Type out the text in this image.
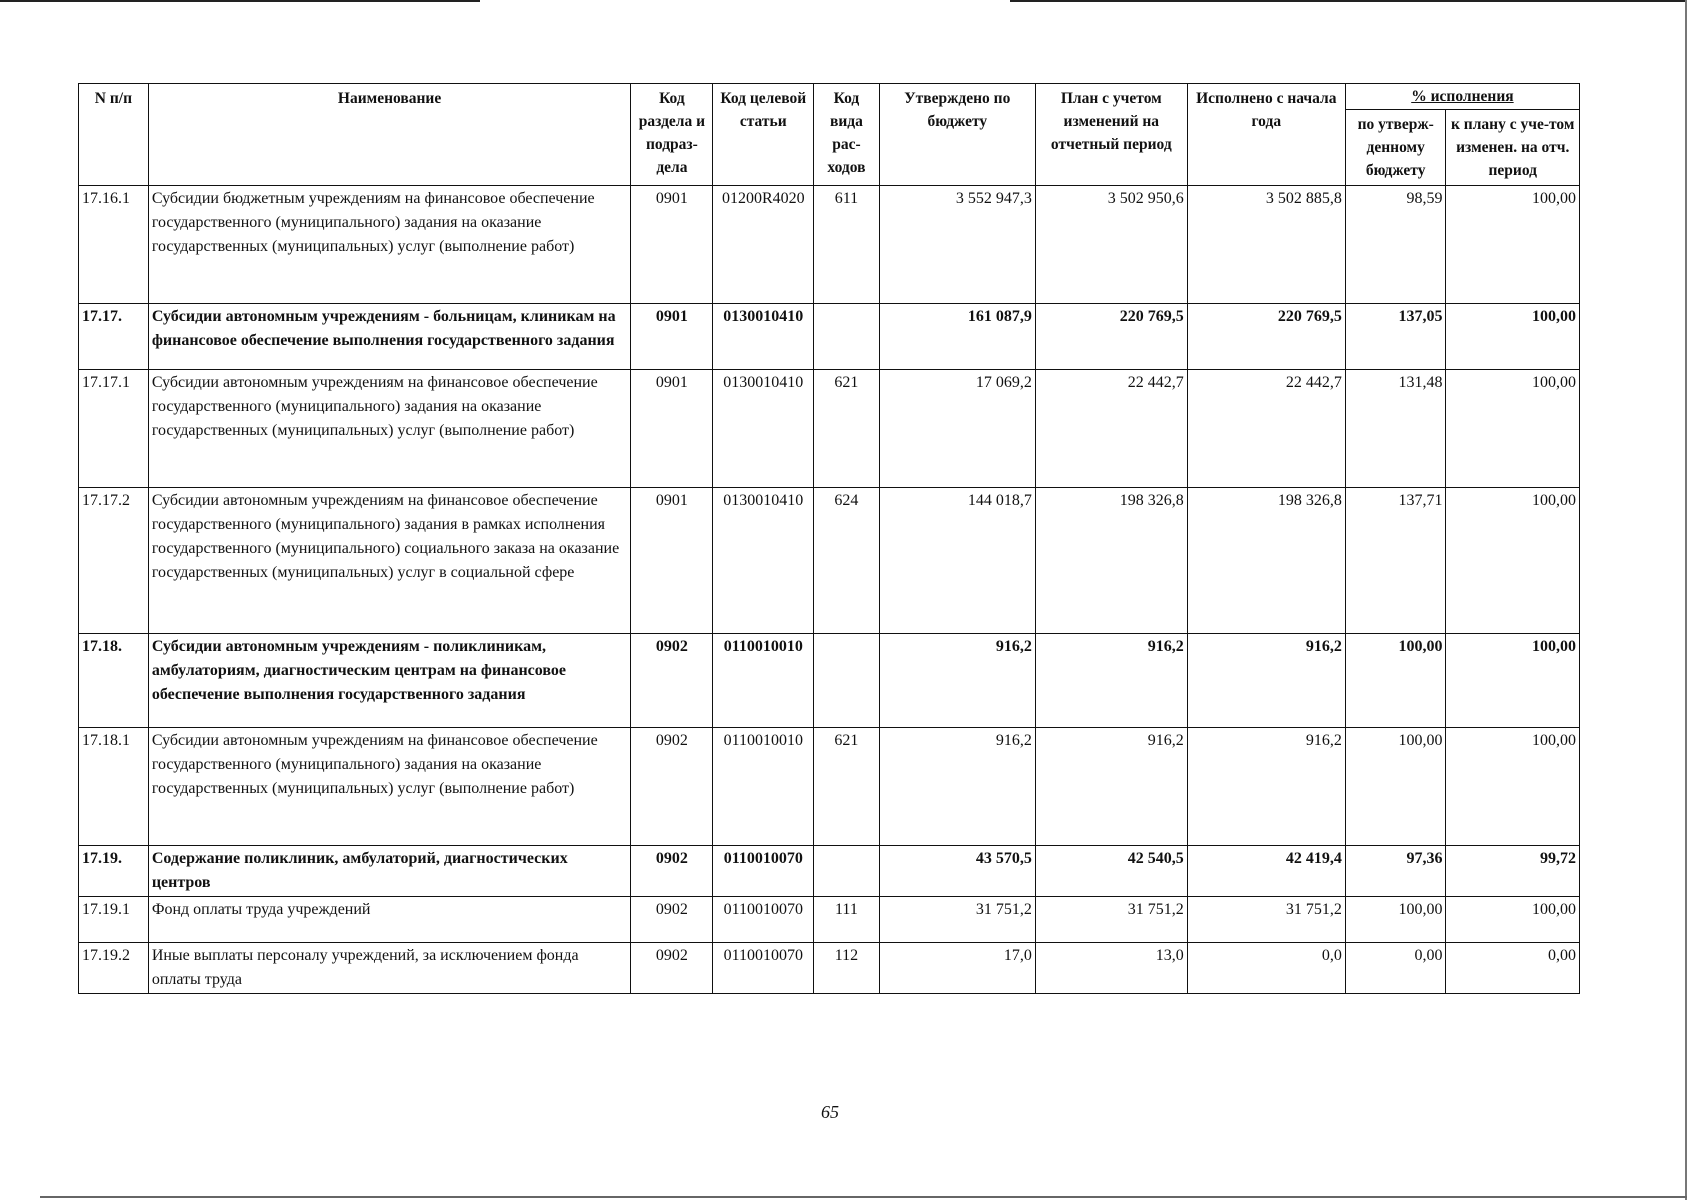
N п/п	Наименование	Код раздела и подраз-дела	Код целевой статьи	Код вида рас-ходов	Утверждено по бюджету	План с учетом изменений на отчетный период	Исполнено с начала года	% исполнения	
								по утверж-денному бюджету	к плану с уче-том изменен. на отч. период
17.16.1	Субсидии бюджетным учреждениям на финансовое обеспечение государственного (муниципального) задания на оказание государственных (муниципальных) услуг (выполнение работ)	0901	01200R4020	611	3 552 947,3	3 502 950,6	3 502 885,8	98,59	100,00
17.17.	Субсидии автономным учреждениям - больницам, клиникам на финансовое обеспечение выполнения государственного задания	0901	0130010410		161 087,9	220 769,5	220 769,5	137,05	100,00
17.17.1	Субсидии автономным учреждениям на финансовое обеспечение государственного (муниципального) задания на оказание государственных (муниципальных) услуг (выполнение работ)	0901	0130010410	621	17 069,2	22 442,7	22 442,7	131,48	100,00
17.17.2	Субсидии автономным учреждениям на финансовое обеспечение государственного (муниципального) задания в рамках исполнения государственного (муниципального) социального заказа на оказание государственных (муниципальных) услуг в социальной сфере	0901	0130010410	624	144 018,7	198 326,8	198 326,8	137,71	100,00
17.18.	Субсидии автономным учреждениям - поликлиникам, амбулаториям, диагностическим центрам на финансовое обеспечение выполнения государственного задания	0902	0110010010		916,2	916,2	916,2	100,00	100,00
17.18.1	Субсидии автономным учреждениям на финансовое обеспечение государственного (муниципального) задания на оказание государственных (муниципальных) услуг (выполнение работ)	0902	0110010010	621	916,2	916,2	916,2	100,00	100,00
17.19.	Содержание поликлиник, амбулаторий, диагностических центров	0902	0110010070		43 570,5	42 540,5	42 419,4	97,36	99,72
17.19.1	Фонд оплаты труда учреждений	0902	0110010070	111	31 751,2	31 751,2	31 751,2	100,00	100,00
17.19.2	Иные выплаты персоналу учреждений, за исключением фонда оплаты труда	0902	0110010070	112	17,0	13,0	0,0	0,00	0,00
65
